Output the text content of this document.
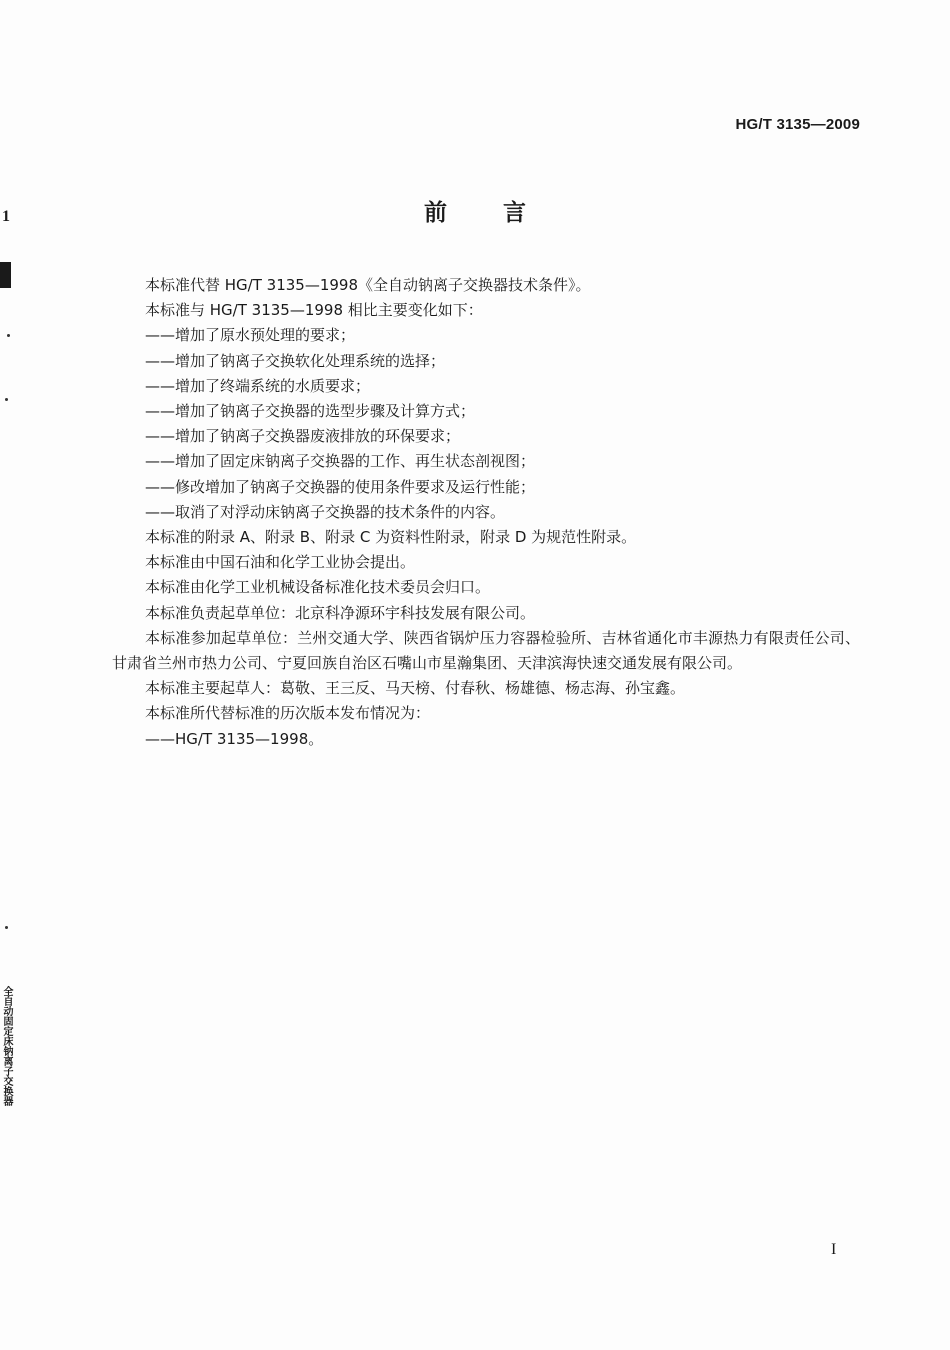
1
全自动固定床钠离子交换器
HG/T 3135—2009
前言

本标准代替 HG/T 3135—1998《全自动钠离子交换器技术条件》。

本标准与 HG/T 3135—1998 相比主要变化如下：

——增加了原水预处理的要求；

——增加了钠离子交换软化处理系统的选择；

——增加了终端系统的水质要求；

——增加了钠离子交换器的选型步骤及计算方式；

——增加了钠离子交换器废液排放的环保要求；

——增加了固定床钠离子交换器的工作、再生状态剖视图；

——修改增加了钠离子交换器的使用条件要求及运行性能；

——取消了对浮动床钠离子交换器的技术条件的内容。

本标准的附录 A、附录 B、附录 C 为资料性附录，附录 D 为规范性附录。

本标准由中国石油和化学工业协会提出。

本标准由化学工业机械设备标准化技术委员会归口。

本标准负责起草单位：北京科净源环宇科技发展有限公司。

本标准参加起草单位：兰州交通大学、陕西省锅炉压力容器检验所、吉林省通化市丰源热力有限责任公司、甘肃省兰州市热力公司、宁夏回族自治区石嘴山市星瀚集团、天津滨海快速交通发展有限公司。

本标准主要起草人：葛敬、王三反、马天榜、付春秋、杨雄德、杨志海、孙宝鑫。

本标准所代替标准的历次版本发布情况为：

——HG/T 3135—1998。

I
